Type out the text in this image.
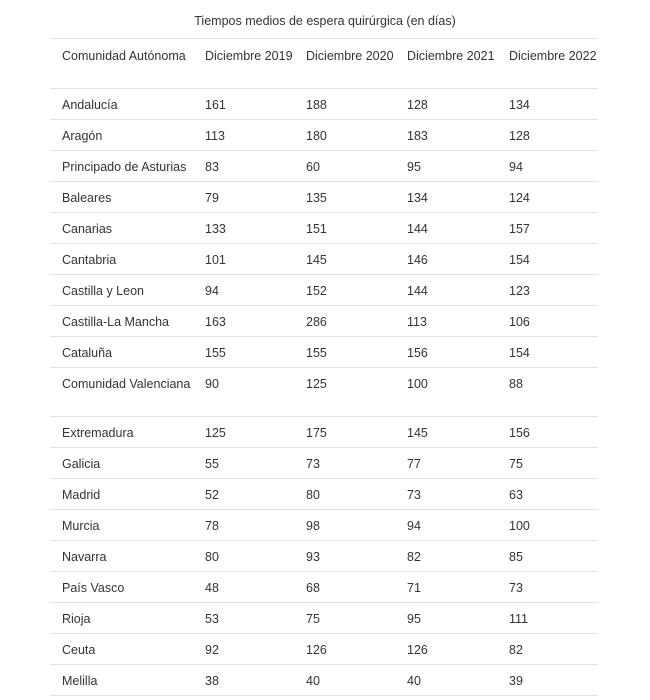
Tiempos medios de espera quirúrgica (en días)
Comunidad Autónoma	Diciembre 2019	Diciembre 2020	Diciembre 2021	Diciembre 2022
Andalucía	161	188	128	134
Aragón	113	180	183	128
Principado de Asturias	83	60	95	94
Baleares	79	135	134	124
Canarias	133	151	144	157
Cantabria	101	145	146	154
Castilla y Leon	94	152	144	123
Castilla-La Mancha	163	286	113	106
Cataluña	155	155	156	154
Comunidad Valenciana	90	125	100	88
Extremadura	125	175	145	156
Galicia	55	73	77	75
Madrid	52	80	73	63
Murcia	78	98	94	100
Navarra	80	93	82	85
País Vasco	48	68	71	73
Rioja	53	75	95	111
Ceuta	92	126	126	82
Melilla	38	40	40	39
